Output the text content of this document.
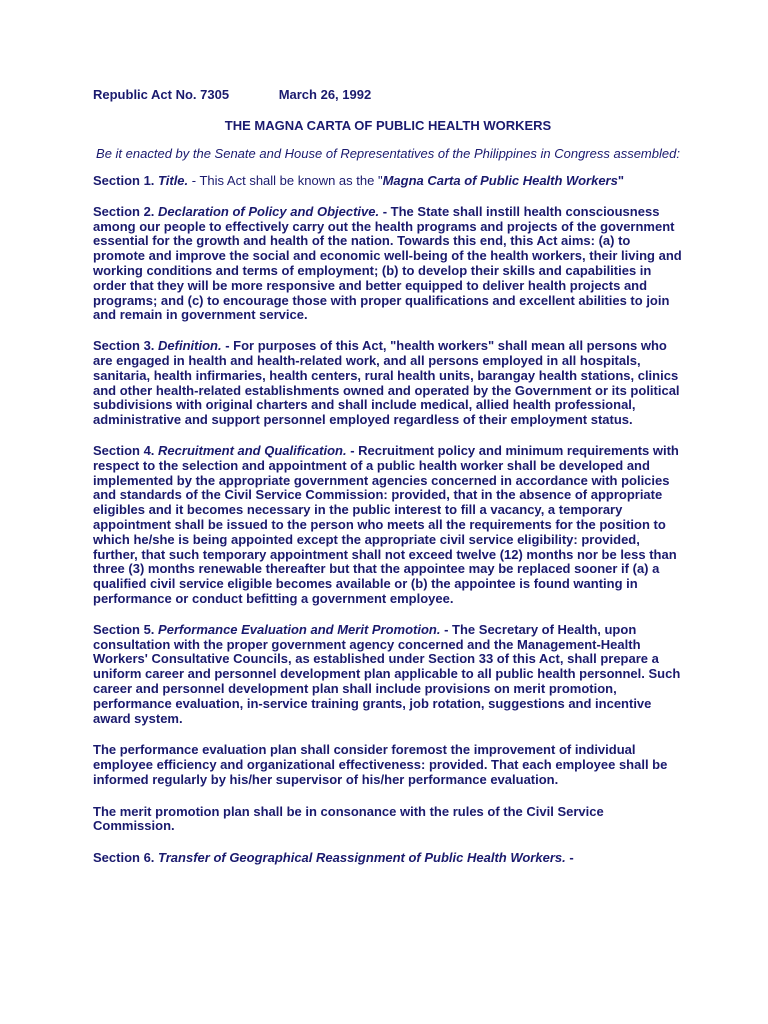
Republic Act No. 7305	March 26, 1992
THE MAGNA CARTA OF PUBLIC HEALTH WORKERS
Be it enacted by the Senate and House of Representatives of the Philippines in Congress assembled:

Section 1. Title. - This Act shall be known as the "Magna Carta of Public Health Workers"

Section 2. Declaration of Policy and Objective. - The State shall instill health consciousness among our people to effectively carry out the health programs and projects of the government essential for the growth and health of the nation. Towards this end, this Act aims: (a) to promote and improve the social and economic well-being of the health workers, their living and working conditions and terms of employment; (b) to develop their skills and capabilities in order that they will be more responsive and better equipped to deliver health projects and programs; and (c) to encourage those with proper qualifications and excellent abilities to join and remain in government service.

Section 3. Definition. - For purposes of this Act, "health workers" shall mean all persons who are engaged in health and health-related work, and all persons employed in all hospitals, sanitaria, health infirmaries, health centers, rural health units, barangay health stations, clinics and other health-related establishments owned and operated by the Government or its political subdivisions with original charters and shall include medical, allied health professional, administrative and support personnel employed regardless of their employment status.

Section 4. Recruitment and Qualification. - Recruitment policy and minimum requirements with respect to the selection and appointment of a public health worker shall be developed and implemented by the appropriate government agencies concerned in accordance with policies and standards of the Civil Service Commission: provided, that in the absence of appropriate eligibles and it becomes necessary in the public interest to fill a vacancy, a temporary appointment shall be issued to the person who meets all the requirements for the position to which he/she is being appointed except the appropriate civil service eligibility: provided, further, that such temporary appointment shall not exceed twelve (12) months nor be less than three (3) months renewable thereafter but that the appointee may be replaced sooner if (a) a qualified civil service eligible becomes available or (b) the appointee is found wanting in performance or conduct befitting a government employee.

Section 5. Performance Evaluation and Merit Promotion. - The Secretary of Health, upon consultation with the proper government agency concerned and the Management-Health Workers' Consultative Councils, as established under Section 33 of this Act, shall prepare a uniform career and personnel development plan applicable to all public health personnel. Such career and personnel development plan shall include provisions on merit promotion, performance evaluation, in-service training grants, job rotation, suggestions and incentive award system.

The performance evaluation plan shall consider foremost the improvement of individual employee efficiency and organizational effectiveness: provided. That each employee shall be informed regularly by his/her supervisor of his/her performance evaluation.

The merit promotion plan shall be in consonance with the rules of the Civil Service Commission.

Section 6. Transfer of Geographical Reassignment of Public Health Workers. -
